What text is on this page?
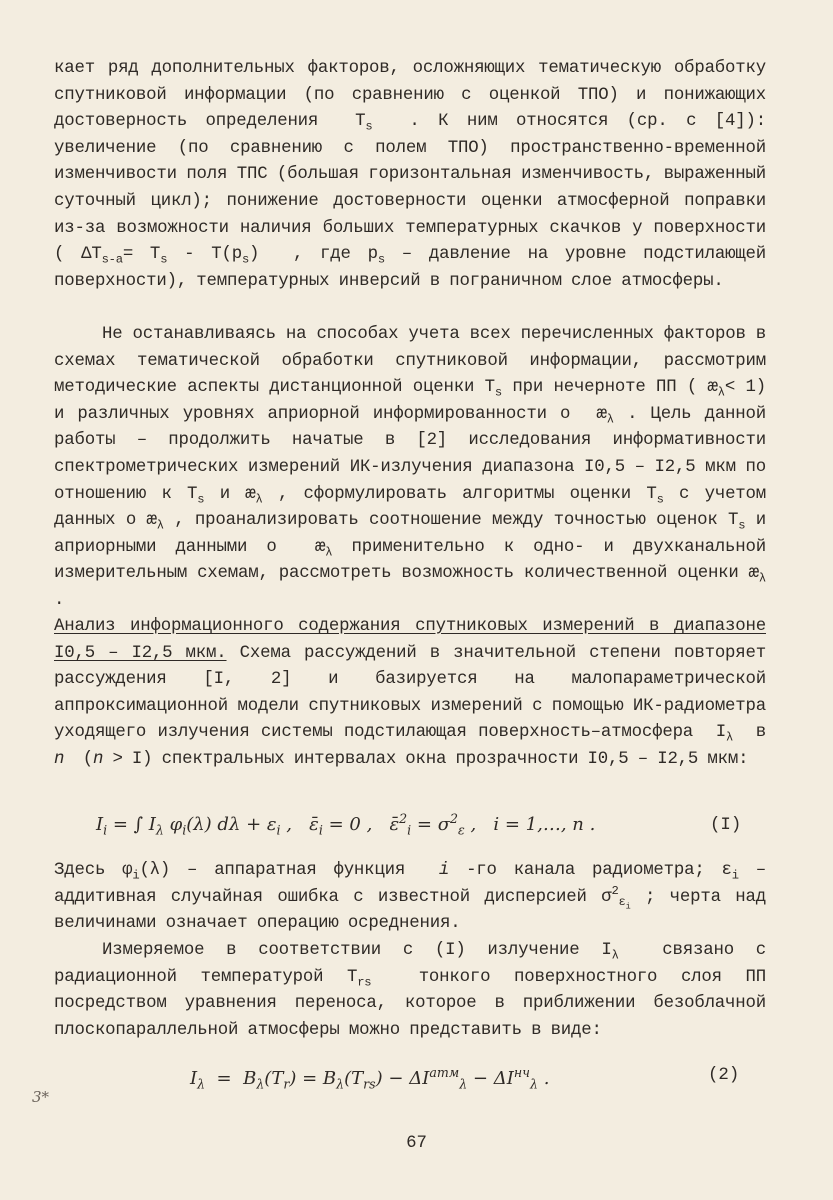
кает ряд дополнительных факторов, осложняющих тематическую обработку спутниковой информации (по сравнению с оценкой ТПО) и понижающих достоверность определения  $T_s$  . К ним относятся (ср. с [4]): увеличение (по сравнению с полем ТПО) пространственно-временной изменчивости поля ТПС (большая горизонтальная изменчивость, выраженный суточный цикл); понижение достоверности оценки атмосферной поправки из-за возможности наличия больших температурных скачков у поверхности ( $\Delta T_{s-a}= T_s - T(p_s)$  , где $p_s$ – давление на уровне подстилающей поверхности), температурных инверсий в пограничном слое атмосферы.
Не останавливаясь на способах учета всех перечисленных факторов в схемах тематической обработки спутниковой информации, рассмотрим методические аспекты дистанционной оценки $T_s$ при нечерноте ПП ( $æ_\lambda< 1$) и различных уровнях априорной информированности о  $æ_\lambda$ . Цель данной работы – продолжить начатые в [2] исследования информативности спектрометрических измерений ИК-излучения диапазона I0,5 – I2,5 мкм по отношению к $T_s$ и $æ_\lambda$ , сформулировать алгоритмы оценки $T_s$ с учетом данных о $æ_\lambda$ , проанализировать соотношение между точностью оценок $T_s$ и априорными данными о  $æ_\lambda$ применительно к одно- и двухканальной измерительным схемам, рассмотреть возможность количественной оценки $æ_\lambda$ .
Анализ информационного содержания спутниковых измерений в диапазоне I0,5 – I2,5 мкм. Схема рассуждений в значительной степени повторяет рассуждения [I, 2] и базируется на малопараметрической аппроксимационной модели спутниковых измерений с помощью ИК-радиометра уходящего излучения системы подстилающая поверхность–атмосфера  $I_\lambda$  в n  (n > I) спектральных интервалах окна прозрачности I0,5 – I2,5 мкм:
$I_i$ = ∫ $I_\lambda$ $\varphi_i(\lambda) d\lambda + \varepsilon_i$ ,   $\varepsilon̄_i = 0$ ,   ε̄$^2_i$ = $\sigma^2_\varepsilon$ ,   i = 1,…, n .	(I)
Здесь $\varphi_i(\lambda)$ – аппаратная функция  i -го канала радиометра; $\varepsilon_i$ – аддитивная случайная ошибка с известной дисперсией $\sigma^2_{\varepsilon_i}$ ; черта над величинами означает операцию осреднения.
Измеряемое в соответствии с (I) излучение $I_\lambda$  связано с радиационной температурой $T_{rs}$  тонкого поверхностного слоя ПП посредством уравнения переноса, которое в приближении безоблачной плоскопараллельной атмосферы можно представить в виде:
$I_\lambda = B_\lambda(T_r) = B_\lambda(T_{rs}) - \Delta I^{атм}_\lambda - \Delta I^{нч}_\lambda$ .	(2)
3*
67
